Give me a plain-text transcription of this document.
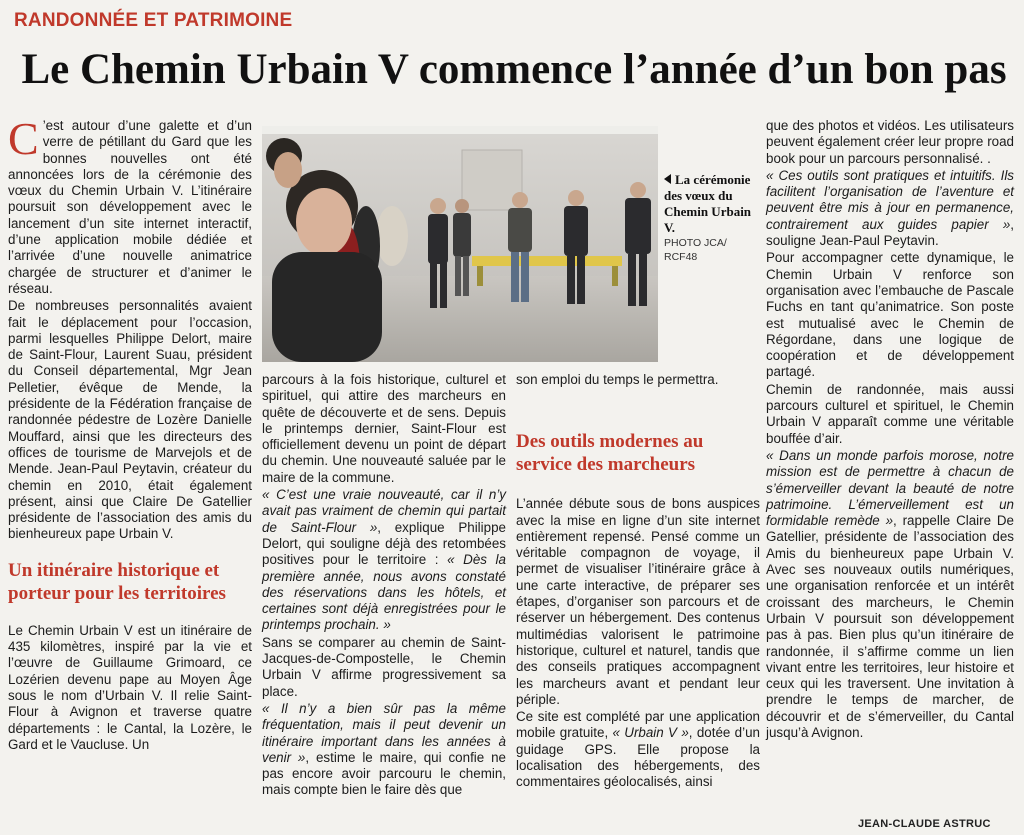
RANDONNÉE ET PATRIMOINE
Le Chemin Urbain V commence l’année d’un bon pas

C ’est autour d’une galette et d’un verre de pétillant du Gard que les bonnes nouvelles ont été annoncées lors de la cérémonie des vœux du Chemin Urbain V. L’itinéraire poursuit son développement avec le lancement d’un site internet interactif, d’une application mobile dédiée et l’arrivée d’une nouvelle animatrice chargée de structurer et d’animer le réseau.

De nombreuses personnalités avaient fait le déplacement pour l’occasion, parmi lesquelles Philippe Delort, maire de Saint-Flour, Laurent Suau, président du Conseil départemental, Mgr Jean Pelletier, évêque de Mende, la présidente de la Fédération française de randonnée pédestre de Lozère Danielle Mouffard, ainsi que les directeurs des offices de tourisme de Marvejols et de Mende. Jean-Paul Peytavin, créateur du chemin en 2010, était également présent, ainsi que Claire De Gatellier présidente de l’association des amis du bienheureux pape Urbain V.

Un itinéraire historique et porteur pour les territoires

Le Chemin Urbain V est un itinéraire de 435 kilomètres, inspiré par la vie et l’œuvre de Guillaume Grimoard, ce Lozérien devenu pape au Moyen Âge sous le nom d’Urbain V. Il relie Saint-Flour à Avignon et traverse quatre départements : le Cantal, la Lozère, le Gard et le Vaucluse. Un

La cérémonie des vœux du Chemin Urbain V.
PHOTO JCA/ RCF48

parcours à la fois historique, culturel et spirituel, qui attire des marcheurs en quête de découverte et de sens. Depuis le printemps dernier, Saint-Flour est officiellement devenu un point de départ du chemin. Une nouveauté saluée par le maire de la commune.

« C’est une vraie nouveauté, car il n’y avait pas vraiment de chemin qui partait de Saint-Flour », explique Philippe Delort, qui souligne déjà des retombées positives pour le territoire : « Dès la première année, nous avons constaté des réservations dans les hôtels, et certaines sont déjà enregistrées pour le printemps prochain. »

Sans se comparer au chemin de Saint-Jacques-de-Compostelle, le Chemin Urbain V affirme progressivement sa place.

« Il n’y a bien sûr pas la même fréquentation, mais il peut devenir un itinéraire important dans les années à venir », estime le maire, qui confie ne pas encore avoir parcouru le chemin, mais compte bien le faire dès que

son emploi du temps le permettra.

Des outils modernes au service des marcheurs

L’année débute sous de bons auspices avec la mise en ligne d’un site internet entièrement repensé. Pensé comme un véritable compagnon de voyage, il permet de visualiser l’itinéraire grâce à une carte interactive, de préparer ses étapes, d’organiser son parcours et de réserver un hébergement. Des contenus multimédias valorisent le patrimoine historique, culturel et naturel, tandis que des conseils pratiques accompagnent les marcheurs avant et pendant leur périple.

Ce site est complété par une application mobile gratuite, « Urbain V », dotée d’un guidage GPS. Elle propose la localisation des hébergements, des commentaires géolocalisés, ainsi

que des photos et vidéos. Les utilisateurs peuvent également créer leur propre road book pour un parcours personnalisé. .

« Ces outils sont pratiques et intuitifs. Ils facilitent l’organisation de l’aventure et peuvent être mis à jour en permanence, contrairement aux guides papier », souligne Jean-Paul Peytavin.

Pour accompagner cette dynamique, le Chemin Urbain V renforce son organisation avec l’embauche de Pascale Fuchs en tant qu’animatrice. Son poste est mutualisé avec le Chemin de Régordane, dans une logique de coopération et de développement partagé.

Chemin de randonnée, mais aussi parcours culturel et spirituel, le Chemin Urbain V apparaît comme une véritable bouffée d’air.

« Dans un monde parfois morose, notre mission est de permettre à chacun de s’émerveiller devant la beauté de notre patrimoine. L’émerveillement est un formidable remède », rappelle Claire De Gatellier, présidente de l’association des Amis du bienheureux pape Urbain V. Avec ses nouveaux outils numériques, une organisation renforcée et un intérêt croissant des marcheurs, le Chemin Urbain V poursuit son développement pas à pas. Bien plus qu’un itinéraire de randonnée, il s’affirme comme un lien vivant entre les territoires, leur histoire et ceux qui les traversent. Une invitation à prendre le temps de marcher, de découvrir et de s’émerveiller, du Cantal jusqu’à Avignon.

JEAN-CLAUDE ASTRUC
